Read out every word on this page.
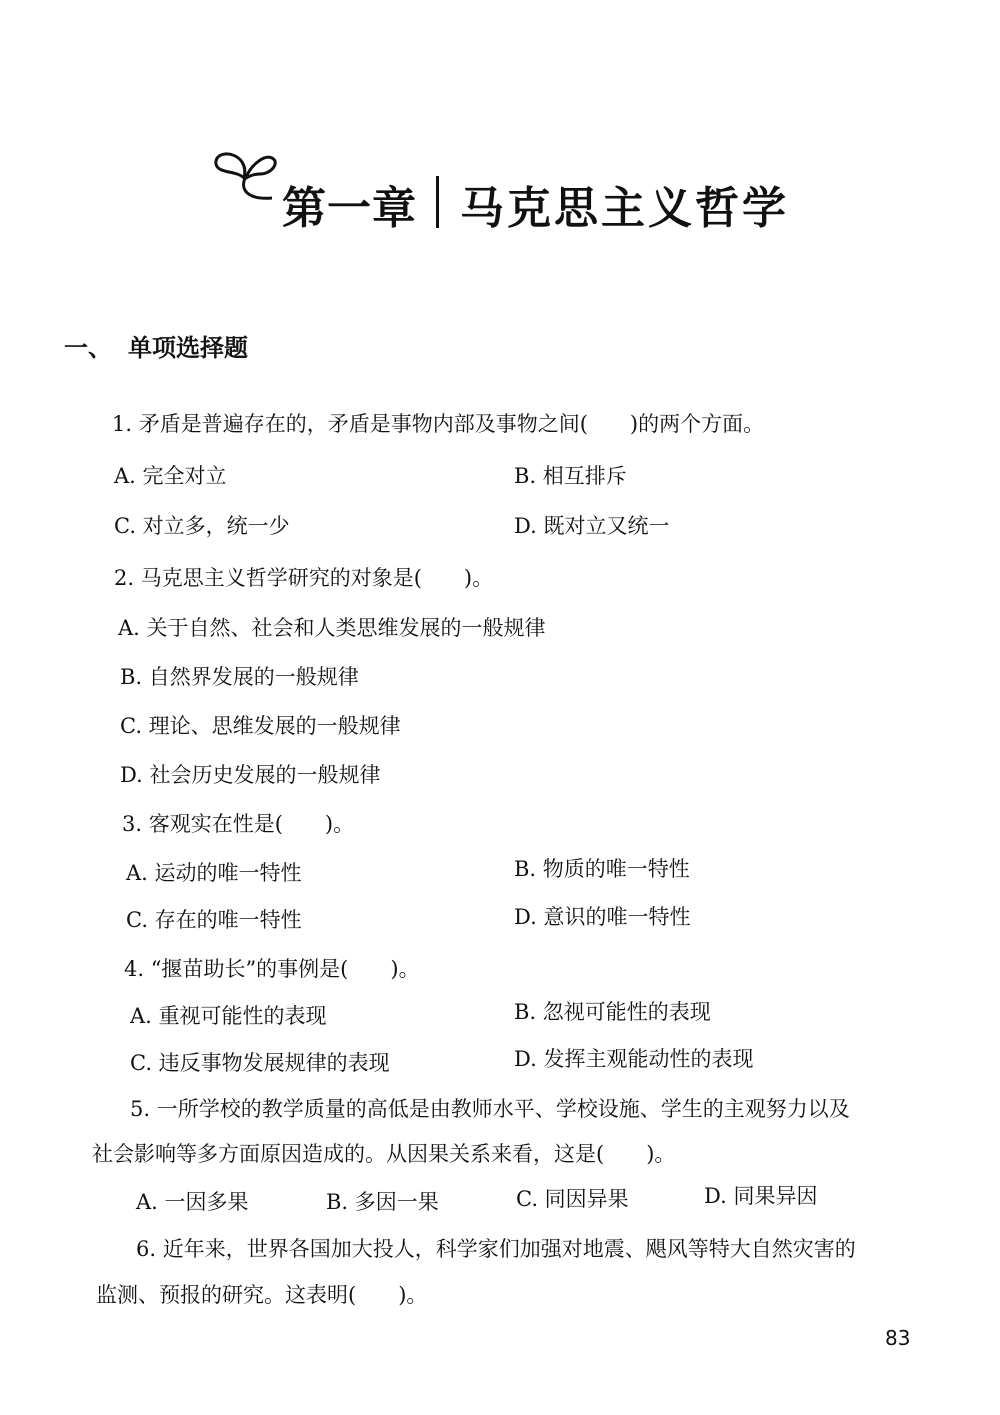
第一章 马克思主义哲学
一、 单项选择题
1. 矛盾是普遍存在的，矛盾是事物内部及事物之间(　　)的两个方面。
A. 完全对立	B. 相互排斥
C. 对立多，统一少	D. 既对立又统一
2. 马克思主义哲学研究的对象是(　　)。
A. 关于自然、社会和人类思维发展的一般规律
B. 自然界发展的一般规律
C. 理论、思维发展的一般规律
D. 社会历史发展的一般规律
3. 客观实在性是(　　)。
A. 运动的唯一特性	B. 物质的唯一特性
C. 存在的唯一特性	D. 意识的唯一特性
4. “揠苗助长”的事例是(　　)。
A. 重视可能性的表现	B. 忽视可能性的表现
C. 违反事物发展规律的表现	D. 发挥主观能动性的表现
5. 一所学校的教学质量的高低是由教师水平、学校设施、学生的主观努力以及
社会影响等多方面原因造成的。从因果关系来看，这是(　　)。
A. 一因多果	B. 多因一果	C. 同因异果	D. 同果异因
6. 近年来，世界各国加大投人，科学家们加强对地震、飓风等特大自然灾害的
监测、预报的研究。这表明(　　)。
83
